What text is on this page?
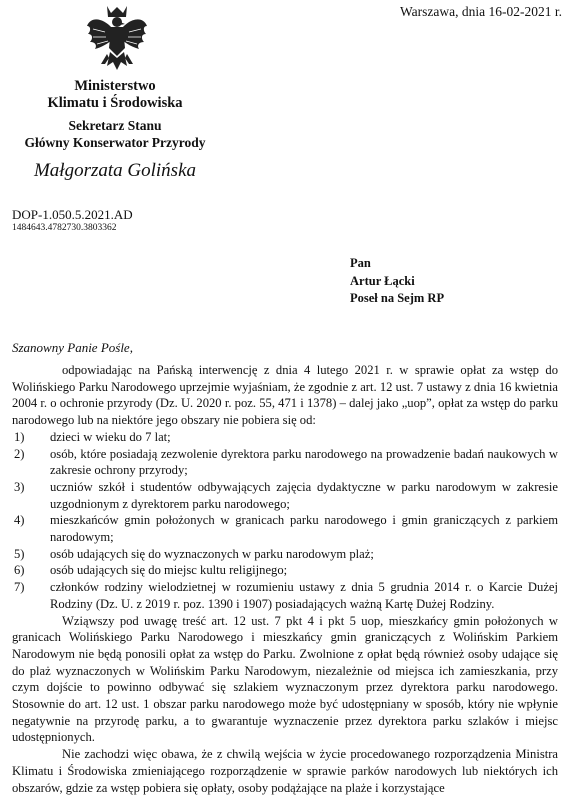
Warszawa, dnia 16-02-2021 r.
Ministerstwo
Klimatu i Środowiska
Sekretarz Stanu
Główny Konserwator Przyrody
Małgorzata Golińska
DOP-1.050.5.2021.AD
1484643.4782730.3803362
Pan
Artur Łącki
Poseł na Sejm RP
Szanowny Panie Pośle,

odpowiadając na Pańską interwencję z dnia 4 lutego 2021 r. w sprawie opłat za wstęp do Wolińskiego Parku Narodowego uprzejmie wyjaśniam, że zgodnie z art. 12 ust. 7 ustawy z dnia 16 kwietnia 2004 r. o ochronie przyrody (Dz. U. 2020 r. poz. 55, 471 i 1378) – dalej jako „uop”, opłat za wstęp do parku narodowego lub na niektóre jego obszary nie pobiera się od:

1) dzieci w wieku do 7 lat;
2) osób, które posiadają zezwolenie dyrektora parku narodowego na prowadzenie badań naukowych w zakresie ochrony przyrody;
3) uczniów szkół i studentów odbywających zajęcia dydaktyczne w parku narodowym w zakresie uzgodnionym z dyrektorem parku narodowego;
4) mieszkańców gmin położonych w granicach parku narodowego i gmin graniczących z parkiem narodowym;
5) osób udających się do wyznaczonych w parku narodowym plaż;
6) osób udających się do miejsc kultu religijnego;
7) członków rodziny wielodzietnej w rozumieniu ustawy z dnia 5 grudnia 2014 r. o Karcie Dużej Rodziny (Dz. U. z 2019 r. poz. 1390 i 1907) posiadających ważną Kartę Dużej Rodziny.

Wziąwszy pod uwagę treść art. 12 ust. 7 pkt 4 i pkt 5 uop, mieszkańcy gmin położonych w granicach Wolińskiego Parku Narodowego i mieszkańcy gmin graniczących z Wolińskim Parkiem Narodowym nie będą ponosili opłat za wstęp do Parku. Zwolnione z opłat będą również osoby udające się do plaż wyznaczonych w Wolińskim Parku Narodowym, niezależnie od miejsca ich zamieszkania, przy czym dojście to powinno odbywać się szlakiem wyznaczonym przez dyrektora parku narodowego. Stosownie do art. 12 ust. 1 obszar parku narodowego może być udostępniany w sposób, który nie wpłynie negatywnie na przyrodę parku, a to gwarantuje wyznaczenie przez dyrektora parku szlaków i miejsc udostępnionych.

Nie zachodzi więc obawa, że z chwilą wejścia w życie procedowanego rozporządzenia Ministra Klimatu i Środowiska zmieniającego rozporządzenie w sprawie parków narodowych lub niektórych ich obszarów, gdzie za wstęp pobiera się opłaty, osoby podążające na plaże i korzystające
